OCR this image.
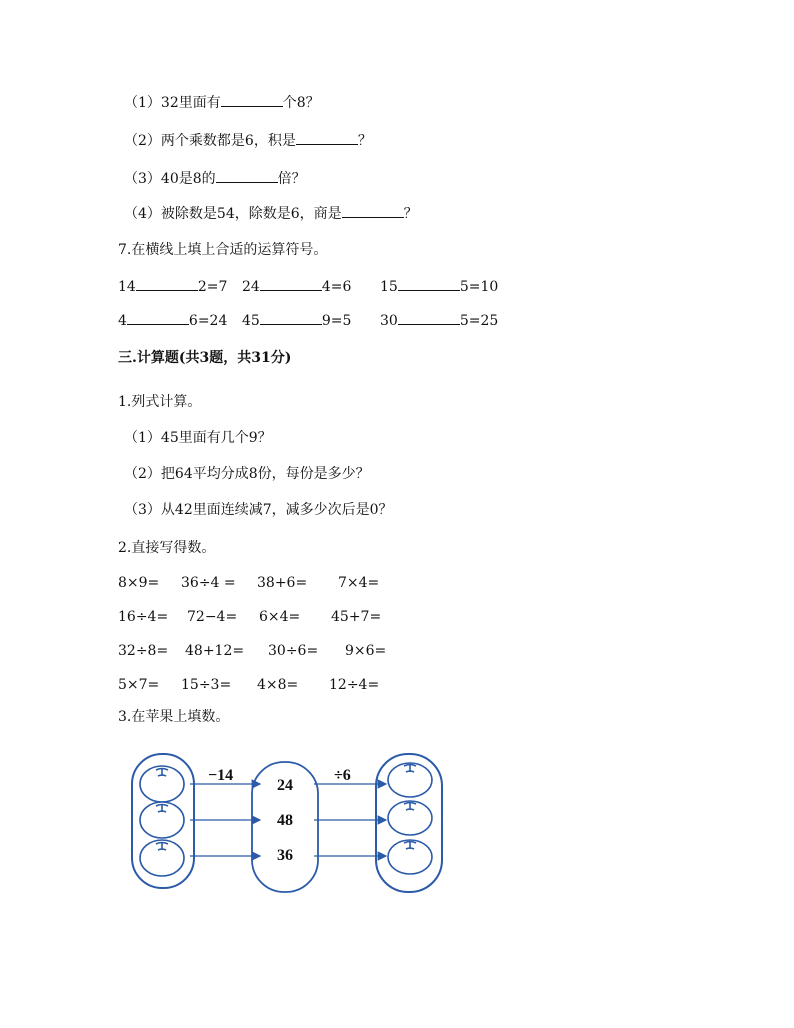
（1）32里面有	个8？
（2）两个乘数都是6，积是	？
（3）40是8的	倍？
（4）被除数是54，除数是6，商是	？
7.在横线上填上合适的运算符号。
14	2=7 24	4=6 15	5=10
4	6=24 45	9=5 30	5=25
三.计算题(共3题，共31分)
1.列式计算。
（1）45里面有几个9？
（2）把64平均分成8份，每份是多少？
（3）从42里面连续减7，减多少次后是0？
2.直接写得数。
8×9= 36÷4 = 38+6= 7×4=
16÷4= 72−4= 6×4= 45+7=
32÷8= 48+12= 30÷6= 9×6=
5×7= 15÷3= 4×8= 12÷4=
3.在苹果上填数。
−14	÷6
24
48
36
